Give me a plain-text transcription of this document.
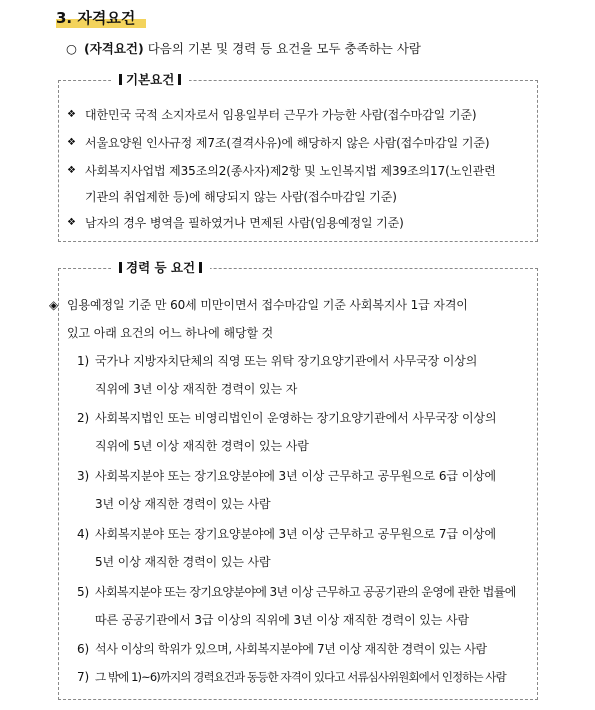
3. 자격요건
○ (자격요건) 다음의 기본 및 경력 등 요건을 모두 충족하는 사람
기본요건
❖ 대한민국 국적 소지자로서 임용일부터 근무가 가능한 사람(접수마감일 기준)
❖ 서울요양원 인사규정 제7조(결격사유)에 해당하지 않은 사람(접수마감일 기준)
❖ 사회복지사업법 제35조의2(종사자)제2항 및 노인복지법 제39조의17(노인관련
기관의 취업제한 등)에 해당되지 않는 사람(접수마감일 기준)
❖ 남자의 경우 병역을 필하였거나 면제된 사람(임용예정일 기준)
경력 등 요건
◈ 임용예정일 기준 만 60세 미만이면서 접수마감일 기준 사회복지사 1급 자격이
있고 아래 요건의 어느 하나에 해당할 것
1) 국가나 지방자치단체의 직영 또는 위탁 장기요양기관에서 사무국장 이상의
직위에 3년 이상 재직한 경력이 있는 자
2) 사회복지법인 또는 비영리법인이 운영하는 장기요양기관에서 사무국장 이상의
직위에 5년 이상 재직한 경력이 있는 사람
3) 사회복지분야 또는 장기요양분야에 3년 이상 근무하고 공무원으로 6급 이상에
3년 이상 재직한 경력이 있는 사람
4) 사회복지분야 또는 장기요양분야에 3년 이상 근무하고 공무원으로 7급 이상에
5년 이상 재직한 경력이 있는 사람
5) 사회복지분야 또는 장기요양분야에 3년 이상 근무하고 공공기관의 운영에 관한 법률에
따른 공공기관에서 3급 이상의 직위에 3년 이상 재직한 경력이 있는 사람
6) 석사 이상의 학위가 있으며, 사회복지분야에 7년 이상 재직한 경력이 있는 사람
7) 그 밖에 1)~6)까지의 경력요건과 동등한 자격이 있다고 서류심사위원회에서 인정하는 사람
